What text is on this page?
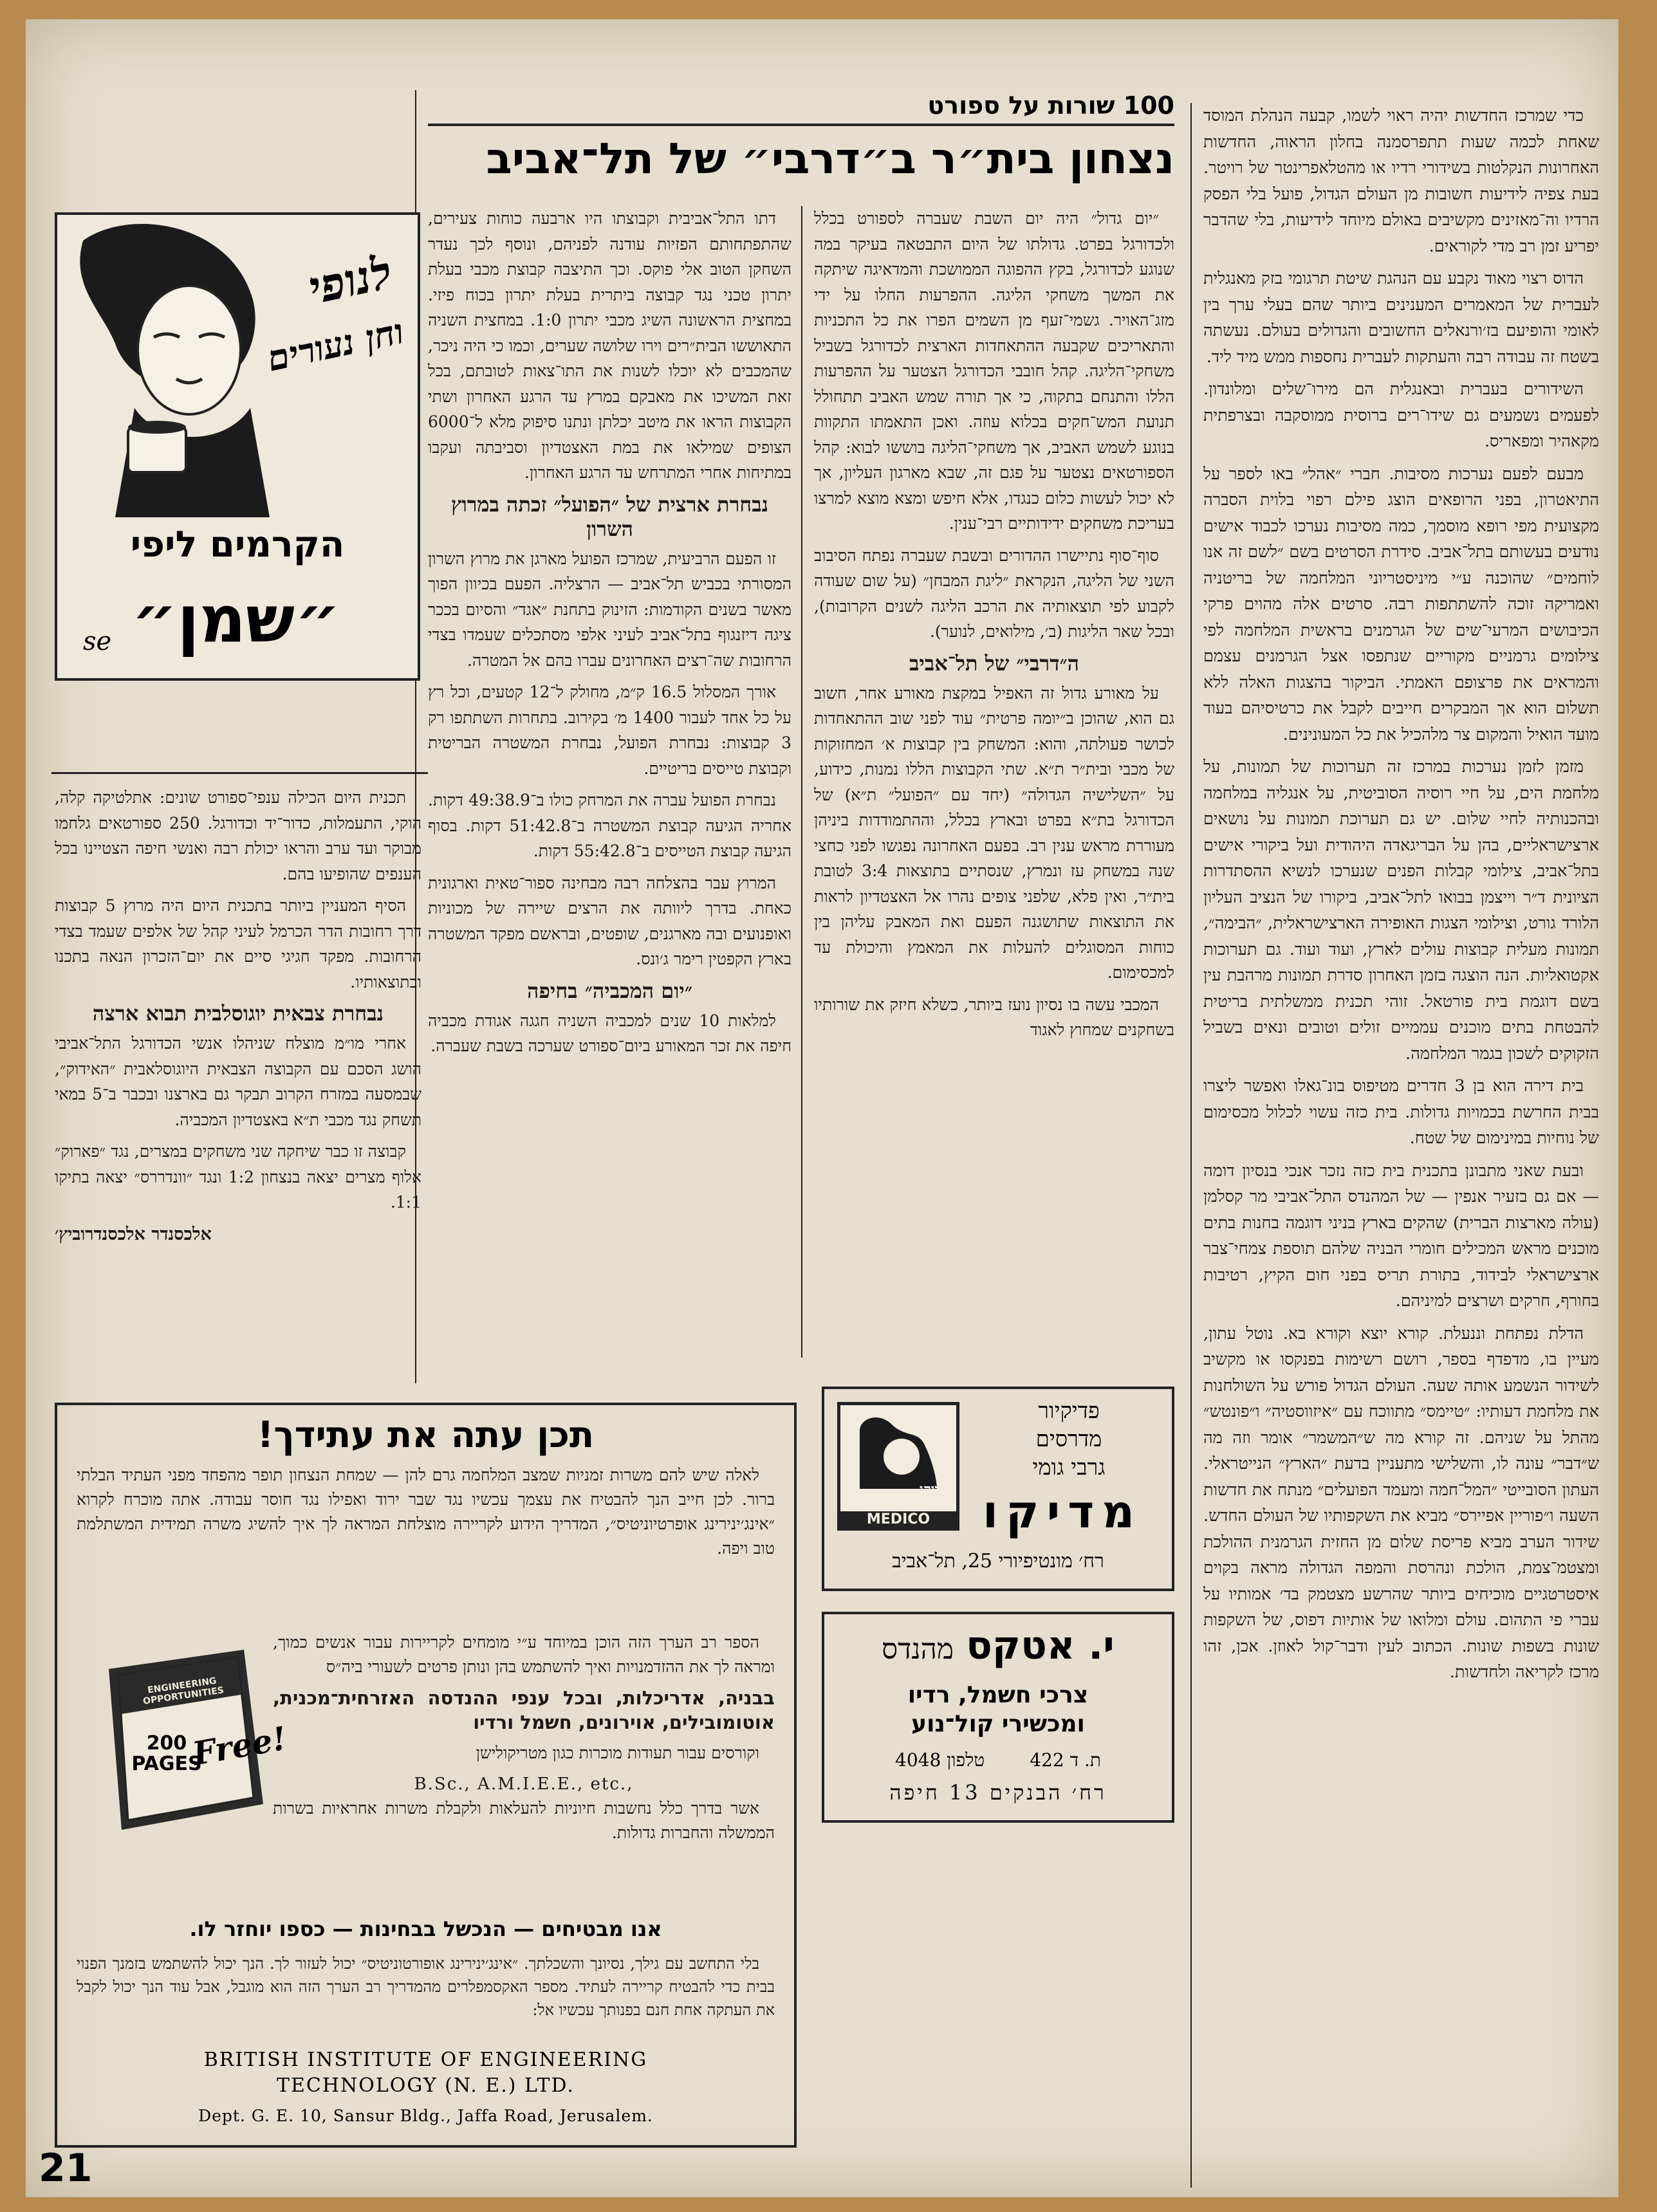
כדי שמרכז החדשות יהיה ראוי לשמו, קבעה הנהלת המוסד שאחת לכמה שעות תתפרסמנה בחלון הראוה, החדשות האחרונות הנקלטות בשידורי רדיו או מהטלאפרינטר של רויטר. בעת צפיה לידיעות חשובות מן העולם הגדול, פועל בלי הפסק הרדיו וה־מאזינים מקשיבים באולם מיוחד לידיעות, בלי שהדבר יפריע זמן רב מדי לקוראים.

הדוס רצוי מאוד נקבע עם הנהגת שיטת תרגומי בזק מאנגלית לעברית של המאמרים המענינים ביותר שהם בעלי ערך בין לאומי והופיעם בז׳ורנאלים החשובים והגדולים בעולם. נעשתה בשטח זה עבודה רבה והעתקות לעברית נחספות ממש מיד ליד.

השידורים בעברית ובאנגלית הם מירו־שלים ומלונדון. לפעמים נשמעים גם שידו־רים ברוסית ממוסקבה ובצרפתית מקאהיר ומפאריס.

מבעם לפעם נערכות מסיבות. חברי ״אהל״ באו לספר על התיאטרון, בפני הרופאים הוצג פילם רפוי בלוית הסברה מקצועית מפי רופא מוסמך, כמה מסיבות נערכו לכבוד אישים נודעים בעשותם בתל־אביב. סידרת הסרטים בשם ״לשם זה אנו לוחמים״ שהוכנה ע״י מיניסטריוני המלחמה של בריטניה ואמריקה זוכה להשתתפות רבה. סרטים אלה מהוים פרקי הכיבושים המרעי־שים של הגרמנים בראשית המלחמה לפי צילומים גרמניים מקוריים שנתפסו אצל הגרמנים עצמם והמראים את פרצופם האמתי. הביקור בהצגות האלה ללא תשלום הוא אך המבקרים חייבים לקבל את כרטיסיהם בעוד מועד הואיל והמקום צר מלהכיל את כל המעונינים.

מזמן לזמן נערכות במרכז זה תערוכות של תמונות, על מלחמת הים, על חיי רוסיה הסוביטית, על אנגליה במלחמה ובהכנותיה לחיי שלום. יש גם תערוכת תמונות על נושאים ארצישראליים, בהן על הבריגאדה היהודית ועל ביקורי אישים בתל־אביב, צילומי קבלות הפנים שנערכו לנשיא ההסתדרות הציונית ד״ר וייצמן בבואו לתל־אביב, ביקורו של הנציב העליון הלורד גורט, וצילומי הצגות האופירה הארצישראלית, ״הבימה״, תמונות מעלית קבוצות עולים לארץ, ועוד ועוד. גם תערוכות אקטואליות. הנה הוצגה בזמן האחרון סדרת תמונות מרהבת עין בשם דוגמת בית פורטאל. זוהי תכנית ממשלתית בריטית להבטחת בתים מוכנים עממיים זולים וטובים ונאים בשביל הזקוקים לשכון בגמר המלחמה.

בית דירה הוא בן 3 חדרים מטיפוס בונ־גאלו ואפשר ליצרו בבית החרשת בכמויות גדולות. בית כזה עשוי לכלול מכסימום של נוחיות במינימום של שטח.

ובעת שאני מתבונן בתכנית בית כזה נזכר אנכי בנסיון דומה — אם גם בזעיר אנפין — של המהנדס התל־אביבי מר קסלמן (עולה מארצות הברית) שהקים בארץ בניני דוגמה בחנות בתים מוכנים מראש המכילים חומרי הבניה שלהם תוספת צמחי־צבר ארצישראלי לבידוד, בתורת תריס בפני חום הקיץ, רטיבות בחורף, חרקים ושרצים למיניהם.

הדלת נפתחת וננעלת. קורא יוצא וקורא בא. נוטל עתון, מעיין בו, מדפדף בספר, רושם רשימות בפנקסו או מקשיב לשידור הנשמע אותה שעה. העולם הגדול פורש על השולחנות את מלחמת דעותיו: ״טיימס״ מתווכח עם ״איזווסטיה״ ו״פונטש״ מהתל על שניהם. זה קורא מה ש״המשמר״ אומר וזה מה ש״דבר״ עונה לו, והשלישי מתעניין בדעת ״הארץ״ הנייטראלי. העתון הסובייטי ״המל־חמה ומעמד הפועלים״ מנתח את חדשות השעה ו״פוריין אפיירס״ מביא את השקפותיו של העולם החדש. שידור הערב מביא פריסת שלום מן החזית הגרמנית ההולכת ומצטמ־צמת, הולכת ונהרסת והמפה הגדולה מראה בקוים איסטרטגיים מוכיחים ביותר שהרשע מצטמק בד׳ אמותיו על עברי פי התהום. עולם ומלואו של אותיות דפוס, של השקפות שונות בשפות שונות. הכתוב לעין ודבר־קול לאוזן. אכן, זהו מרכז לקריאה ולחדשות.

100 שורות על ספורט
נצחון בית״ר ב״דרבי״ של תל־אביב

״יום גדול״ היה יום השבת שעברה לספורט בכלל ולכדורגל בפרט. גדולתו של היום התבטאה בעיקר במה שנוגע לכדורגל, בקץ ההפוגה הממושכת והמדאיגה שיתקה את המשך משחקי הליגה. ההפרעות החלו על ידי מזג־האויר. גשמי־זעף מן השמים הפרו את כל התכניות והתאריכים שקבעה ההתאחדות הארצית לכדורגל בשביל משחקי־הליגה. קהל חובבי הכדורגל הצטער על ההפרעות הללו והתנחם בתקוה, כי אך תורה שמש האביב תתחולל תנועת המש־חקים בכלוא עוזה. ואכן התאמתו התקוות בנוגע לשמש האביב, אך משחקי־הליגה בוששו לבוא: קהל הספורטאים נצטער על פגם זה, שבא מארגון העליון, אך לא יכול לעשות כלום כנגדו, אלא חיפש ומצא מוצא למרצו בעריכת משחקים ידידותיים רבי־ענין.

סוף־סוף נתיישרו ההדורים ובשבת שעברה נפתח הסיבוב השני של הליגה, הנקראת ״ליגת המבחן״ (על שום שעודה לקבוע לפי תוצאותיה את הרכב הליגה לשנים הקרובות), ובכל שאר הליגות (ב׳, מילואים, לנוער).

ה״דרבי״ של תל־אביב

על מאורע גדול זה האפיל במקצת מאורע אחר, חשוב גם הוא, שהוכן ב״יומה פרטית״ עוד לפני שוב ההתאחדות לכושר פעולתה, והוא: המשחק בין קבוצות א׳ המחזוקות של מכבי ובית״ר ת״א. שתי הקבוצות הללו נמנות, כידוע, על ״השלישיה הגדולה״ (יחד עם ״הפועל״ ת״א) של הכדורגל בת״א בפרט ובארץ בכלל, וההתמודדות ביניהן מעוררת מראש ענין רב. בפעם האחרונה נפגשו לפני כחצי שנה במשחק עז ונמרץ, שנסתיים בתוצאות 3:4 לטובת בית״ר, ואין פלא, שלפני צופים נהרו אל האצטדיון לראות את התוצאות שתושגנה הפעם ואת המאבק עליהן בין כוחות המסוגלים להעלות את המאמץ והיכולת עד למכסימום.

המכבי עשה בו נסיון נועז ביותר, כשלא חיזק את שורותיו בשחקנים שמחוץ לאגוד

דתו התל־אביבית וקבוצתו היו ארבעה כוחות צעירים, שהתפתחותם הפזיות עודנה לפניהם, ונוסף לכך נעדר השחקן הטוב אלי פוקס. וכך התיצבה קבוצת מכבי בעלת יתרון טכני נגד קבוצה ביתרית בעלת יתרון בכוח פיזי. במחצית הראשונה השיג מכבי יתרון 1:0. במחצית השניה התאוששו הבית״רים וירו שלושה שערים, וכמו כי היה ניכר, שהמכבים לא יוכלו לשנות את התו־צאות לטובתם, בכל זאת המשיכו את מאבקם במרץ עד הרגע האחרון ושתי הקבוצות הראו את מיטב יכלתן ונתנו סיפוק מלא ל־6000 הצופים שמילאו את במת האצטדיון וסביבתה ועקבו במתיחות אחרי המתרחש עד הרגע האחרון.

נבחרת ארצית של ״הפועל״ זכתה במרוץ השרון

זו הפעם הרביעית, שמרכז הפועל מארגן את מרוץ השרון המסורתי בכביש תל־אביב — הרצליה. הפעם בכיוון הפוך מאשר בשנים הקודמות: הזינוק בתחנת ״אגד״ והסיום בככר ציגה דיזנגוף בתל־אביב לעיני אלפי מסתכלים שעמדו בצדי הרחובות שה־רצים האחרונים עברו בהם אל המטרה.

אורך המסלול 16.5 ק״מ, מחולק ל־12 קטעים, וכל רץ על כל אחד לעבור 1400 מ׳ בקירוב. בתחרות השתתפו רק 3 קבוצות: נבחרת הפועל, נבחרת המשטרה הבריטית וקבוצת טייסים בריטיים.

נבחרת הפועל עברה את המרחק כולו ב־49:38.9 דקות. אחריה הגיעה קבוצת המשטרה ב־51:42.8 דקות. בסוף הגיעה קבוצת הטייסים ב־55:42.8 דקות.

המרוץ עבר בהצלחה רבה מבחינה ספור־טאית וארגונית כאחת. בדרך ליוותה את הרצים שיירה של מכוניות ואופנועים ובה מארגנים, שופטים, ובראשם מפקד המשטרה בארץ הקפטין רימר ג׳ונס.

״יום המכביה״ בחיפה

למלאות 10 שנים למכביה השניה חגגה אגודת מכביה חיפה את זכר המאורע ביום־ספורט שערכה בשבת שעברה.

לנופי
וחן נעורים
הקרמים ליפי
״שמן״
se

תכנית היום הכילה ענפי־ספורט שונים: אתלטיקה קלה, הוקי, התעמלות, כדור־יד וכדורגל. 250 ספורטאים גלחמו מבוקר ועד ערב והראו יכולת רבה ואנשי חיפה הצטיינו בכל הענפים שהופיעו בהם.

הסיף המעניין ביותר בתכנית היום היה מרוץ 5 קבוצות דרך רחובות הדר הכרמל לעיני קהל של אלפים שעמד בצדי הרחובות. מפקד חגיגי סיים את יום־הזכרון הנאה בתכנו ובתוצאותיו.

נבחרת צבאית יוגוסלבית תבוא ארצה

אחרי מו״מ מוצלח שניהלו אנשי הכדורגל התל־אביבי הושג הסכם עם הקבוצה הצבאית היוגוסלאבית ״האידוק״, שבמסעה במזרח הקרוב תבקר גם בארצנו ובכבר ב־5 במאי תשחק נגד מכבי ת״א באצטדיון המכביה.

קבוצה זו כבר שיחקה שני משחקים במצרים, נגד ״פארוק״ אלוף מצרים יצאה בנצחון 1:2 ונגד ״וונדררס״ יצאה בתיקו 1:1.

אלכסנדר אלכסנדרוביץ׳
פדיקיור
מדרסים
גרבי גומי
מדיקו
רח׳ מונטיפיורי 25, תל־אביב
מדיקו
MEDICO
י. אטקס מהנדס
צרכי חשמל, רדיו
ומכשירי קול־נוע
ת. ד 422
טלפון 4048
רח׳ הבנקים 13 חיפה
תכן עתה את עתידך!

לאלה שיש להם משרות זמניות שמצב המלחמה גרם להן — שמחת הנצחון תופר מהפחד מפני העתיד הבלתי ברור. לכן חייב הנך להבטיח את עצמך עכשיו נגד שבר ירוד ואפילו נגד חוסר עבודה. אתה מוכרח לקרוא ״אינג׳ינירינג אופרטיוניטיס״, המדריך הידוע לקריירה מוצלחת המראה לך איך להשיג משרה תמידית המשתלמת טוב ויפה.

הספר רב הערך הזה הוכן במיוחד ע״י מומחים לקריירות עבור אנשים כמוך, ומראה לך את ההזדמנויות ואיך להשתמש בהן ונותן פרטים לשעורי ביה״ס

בבניה, אדריכלות, ובכל ענפי ההנדסה האזרחית־מכנית, אוטומובילים, אוירונים, חשמל ורדיו

וקורסים עבור תעודות מוכרות כגון מטריקולישן

B.Sc., A.M.I.E.E., etc.,

אשר בדרך כלל נחשבות חיוניות להעלאות ולקבלת משרות אחראיות בשרות הממשלה והחברות גדולות.

ENGINEERING OPPORTUNITIES
200 PAGES
Free!
אנו מבטיחים — הנכשל בבחינות — כספו יוחזר לו.

בלי התחשב עם גילך, נסיונך והשכלתך. ״אינג׳ינירינג אופורטוניטיס״ יכול לעזור לך. הנך יכול להשתמש בזמנך הפנוי בבית כדי להבטיח קריירה לעתיד. מספר האקסמפלרים מהמדריך רב הערך הזה הוא מוגבל, אבל עוד הנך יכול לקבל את העתקה אחת חנם בפנותך עכשיו אל:

BRITISH INSTITUTE OF ENGINEERING
TECHNOLOGY (N. E.) LTD.
Dept. G. E. 10, Sansur Bldg., Jaffa Road, Jerusalem.
21
